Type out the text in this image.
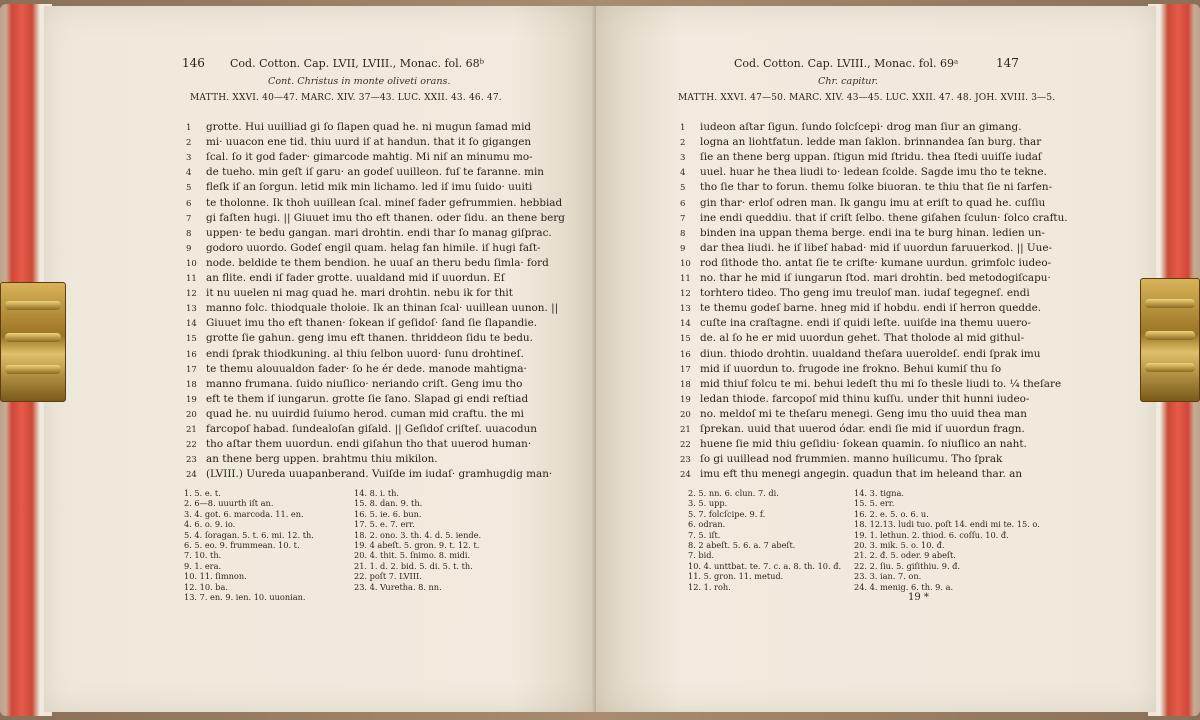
146 Cod. Cotton. Cap. LVII, LVIII., Monac. fol. 68ᵇ
Cont. Christus in monte oliveti orans.
MATTH. XXVI. 40—47. MARC. XIV. 37—43. LUC. XXII. 43. 46. 47.
1 grotte. Hui uuilliad gi ſo ſlapen quad he. ni mugun ſamad mid
2 mi· uuacon ene tid. thiu uurd iſ at handun. that it ſo gigangen
3 ſcal. ſo it god fader· gimarcode mahtig. Mi niſ an minumu mo-
4 de tueho. min geſt iſ garu· an godeſ uuilleon. fuſ te faranne. min
5 fleſk iſ an ſorgun. letid mik min lichamo. led iſ imu ſuido· uuiti
6 te tholonne. Ik thoh uuillean ſcal. mineſ fader gefrummien. hebbiad
7 gi faſten hugi. || Giuuet imu tho eft thanen. oder ſidu. an thene berg
8 uppen· te bedu gangan. mari drohtin. endi thar ſo manag giſprac.
9 godoro uuordo. Godeſ engil quam. helag fan himile. iſ hugi faſt-
10 node. beldide te them bendion. he uuaſ an theru bedu ſimla· ford
11 an flite. endi iſ fader grotte. uualdand mid iſ uuordun. Eſ
12 it nu uuelen ni mag quad he. mari drohtin. nebu ik for thit
13 manno folc. thiodquale tholoie. Ik an thinan ſcal· uuillean uunon. ||
14 Giuuet imu tho eft thanen· ſokean iſ geſidoſ· ſand ſie ſlapandie.
15 grotte ſie gahun. geng imu eft thanen. thriddeon ſidu te bedu.
16 endi ſprak thiodkuning. al thiu ſelbon uuord· ſunu drohtineſ.
17 te themu alouualdon fader· ſo he ér dede. manode mahtigna·
18 manno frumana. ſuido niuſlico· neriando criſt. Geng imu tho
19 eft te them iſ iungarun. grotte ſie ſano. Slapad gi endi reſtiad
20 quad he. nu uuirdid ſuiumo herod. cuman mid craftu. the mi
21 farcopoſ habad. ſundealoſan giſald. || Geſidoſ criſteſ. uuacodun
22 tho aſtar them uuordun. endi giſahun tho that uuerod human·
23 an thene berg uppen. brahtmu thiu mikilon.
24 (LVIII.) Uureda uuapanberand. Vuiſde im iudaſ· gramhugdig man·
1. 5. e. t.
2. 6—8. uuurth iſt an.
3. 4. got. 6. marcoda. 11. en.
4. 6. o. 9. io.
5. 4. ſoragan. 5. t. 6. mi. 12. th.
6. 5. eo. 9. frummean. 10. t.
7. 10. th.
9. 1. era.
10. 11. ſimnon.
12. 10. ba.
13. 7. en. 9. ien. 10. uuonian.
14. 8. i. th.
15. 8. dan. 9. th.
16. 5. ie. 6. bun.
17. 5. e. 7. err.
18. 2. ono. 3. th. 4. d. 5. iende.
19. 4 abeſt. 5. gron. 9. t. 12. t.
20. 4. thit. 5. ſnimo. 8. midi.
21. 1. d. 2. bid. 5. di. 5. t. th.
22. poſt 7. LVIII.
23. 4. Vuretha. 8. nn.
Cod. Cotton. Cap. LVIII., Monac. fol. 69ᵃ	147
Chr. capitur.
MATTH. XXVI. 47—50. MARC. XIV. 43—45. LUC. XXII. 47. 48. JOH. XVIII. 3—5.
1 iudeon aſtar ſigun. ſundo ſolcſcepi· drog man ſiur an gimang.
2 logna an liohtfatun. ledde man ſaklon. brinnandea ſan burg. thar
3 ſie an thene berg uppan. ſtigun mid ſtridu. thea ſtedi uuiſſe iudaſ
4 uuel. huar he thea liudi to· ledean ſcolde. Sagde imu tho te tekne.
5 tho ſie thar to forun. themu ſolke biuoran. te thiu that ſie ni ſarfen-
6 gin thar· erloſ odren man. Ik gangu imu at eriſt to quad he. cuſſiu
7 ine endi queddiu. that iſ criſt ſelbo. thene giſahen ſculun· ſolco craftu.
8 binden ina uppan thema berge. endi ina te burg hinan. ledien un-
9 dar thea liudi. he iſ libeſ habad· mid iſ uuordun faruuerkod. || Uue-
10 rod ſithode tho. antat ſie te criſte· kumane uurdun. grimfolc iudeo-
11 no. thar he mid iſ iungarun ſtod. mari drohtin. bed metodogiſcapu·
12 torhtero tideo. Tho geng imu treuloſ man. iudaſ tegegneſ. endi
13 te themu godeſ barne. hneg mid iſ hobdu. endi iſ herron quedde.
14 cuſte ina craſtagne. endi iſ quidi leſte. uuiſde ina themu uuero-
15 de. al ſo he er mid uuordun gehet. That tholode al mid githul-
16 diun. thiodo drohtin. uualdand theſara uueroldeſ. endi ſprak imu
17 mid iſ uuordun to. frugode ine frokno. Behui kumiſ thu ſo
18 mid thiuſ folcu te mi. behui ledeſt thu mi ſo thesle liudi to. ¼ theſare
19 ledan thiode. farcopoſ mid thinu kuſſu. under thit hunni iudeo-
20 no. meldoſ mi te theſaru menegi. Geng imu tho uuid thea man
21 ſprekan. uuid that uuerod ódar. endi ſie mid iſ uuordun fragn.
22 huene ſie mid thiu geſidiu· ſokean quamin. ſo niuſlico an naht.
23 ſo gi uuillead nod frummien. manno huilicumu. Tho ſprak
24 imu eft thu menegi angegin. quadun that im heleand thar. an
2. 5. nn. 6. clun. 7. di.
3. 5. upp.
5. 7. folcſcipe. 9. f.
6. odran.
7. 5. iſt.
8. 2 abeſt. 5. 6. a. 7 abeſt.
7. bid.
10. 4. unttbat. te. 7. c. a. 8. th. 10. đ.
11. 5. gron. 11. metud.
12. 1. roh.
14. 3. tigna.
15. 5. err.
16. 2. e. 5. o. 6. u.
18. 12.13. ludi tuo. poſt 14. endi mi te. 15. o.
19. 1. lethun. 2. thiod. 6. coſſu. 10. đ.
20. 3. mik. 5. o. 10. đ.
21. 2. đ. 5. oder. 9 abeſt.
22. 2. ſiu. 5. giſithiu. 9. đ.
23. 3. ian. 7. on.
24. 4. menig. 6. th. 9. a.
19 *
